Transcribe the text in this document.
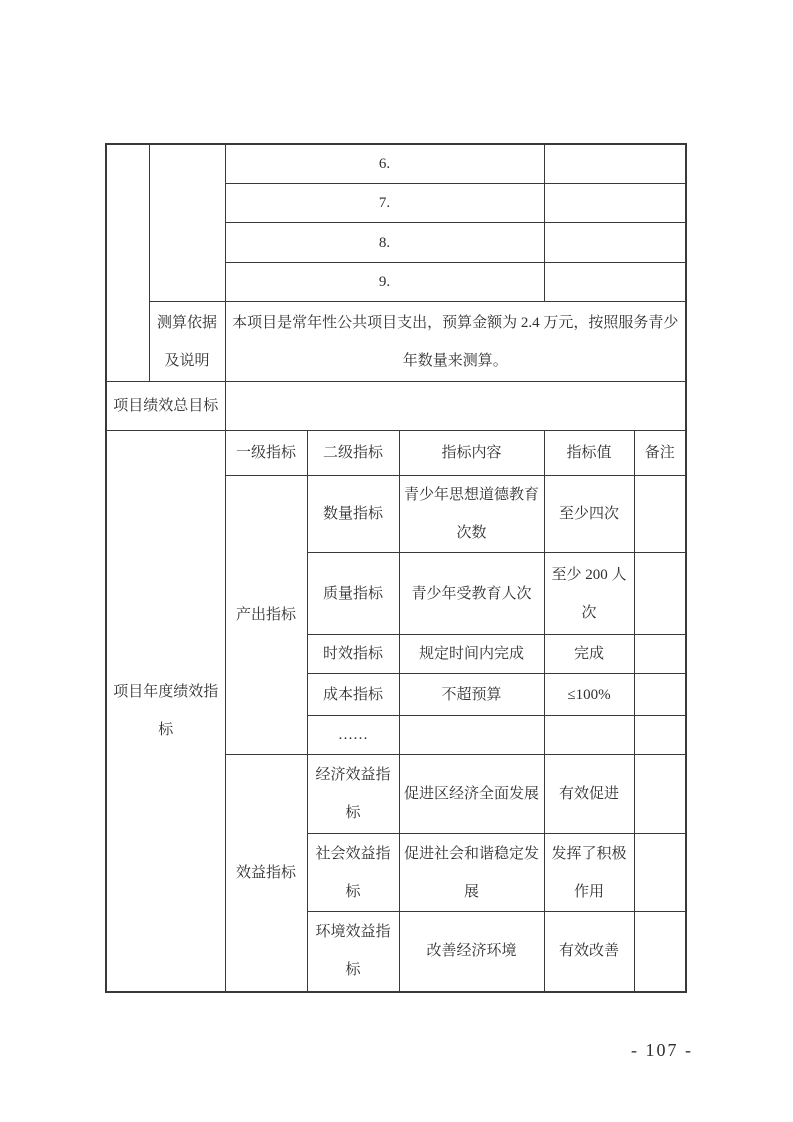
		6.				
		7.				
		8.				
		9.				
	测算依据及说明	本项目是常年性公共项目支出，预算金额为 2.4 万元，按照服务青少年数量来测算。				
项目绩效总目标						
项目年度绩效指标		一级指标	二级指标	指标内容	指标值	备注
		产出指标	数量指标	青少年思想道德教育次数	至少四次	
			质量指标	青少年受教育人次	至少 200 人次	
			时效指标	规定时间内完成	完成	
			成本指标	不超预算	≤100%	
			……			
		效益指标	经济效益指标	促进区经济全面发展	有效促进	
			社会效益指标	促进社会和谐稳定发展	发挥了积极作用	
			环境效益指标	改善经济环境	有效改善	
- 107 -
